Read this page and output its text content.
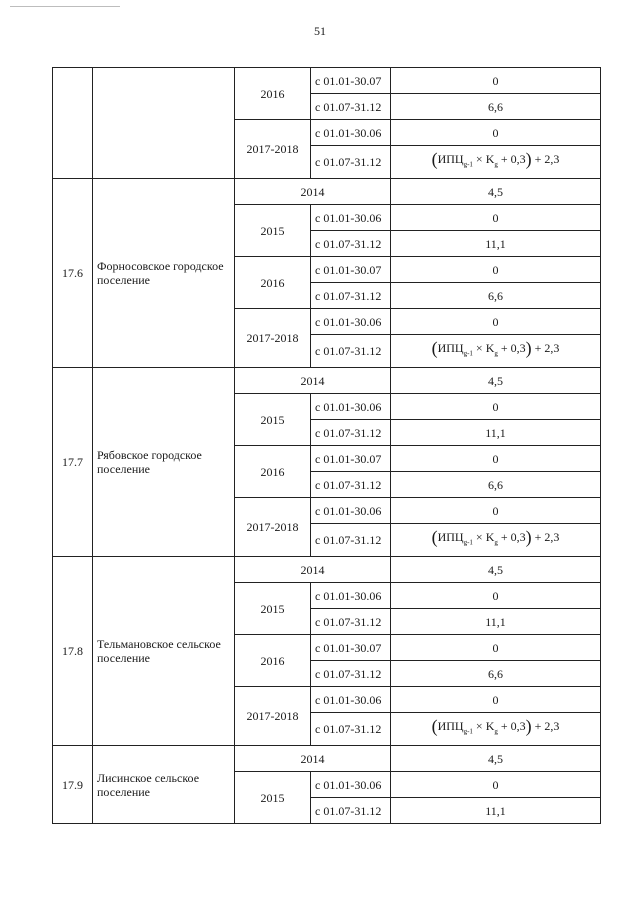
51
		2016	с 01.01-30.07	0
			с 01.07-31.12	6,6
		2017-2018	с 01.01-30.06	0
			с 01.07-31.12	$(ИПЦ_{g-1} \times K_g + 0,3) + 2,3$
17.6	Форносовское городское поселение	2014		4,5
		2015	с 01.01-30.06	0
			с 01.07-31.12	11,1
		2016	с 01.01-30.07	0
			с 01.07-31.12	6,6
		2017-2018	с 01.01-30.06	0
			с 01.07-31.12	$(ИПЦ_{g-1} \times K_g + 0,3) + 2,3$
17.7	Рябовское городское поселение	2014		4,5
		2015	с 01.01-30.06	0
			с 01.07-31.12	11,1
		2016	с 01.01-30.07	0
			с 01.07-31.12	6,6
		2017-2018	с 01.01-30.06	0
			с 01.07-31.12	$(ИПЦ_{g-1} \times K_g + 0,3) + 2,3$
17.8	Тельмановское сельское поселение	2014		4,5
		2015	с 01.01-30.06	0
			с 01.07-31.12	11,1
		2016	с 01.01-30.07	0
			с 01.07-31.12	6,6
		2017-2018	с 01.01-30.06	0
			с 01.07-31.12	$(ИПЦ_{g-1} \times K_g + 0,3) + 2,3$
17.9	Лисинское сельское поселение	2014		4,5
		2015	с 01.01-30.06	0
			с 01.07-31.12	11,1
